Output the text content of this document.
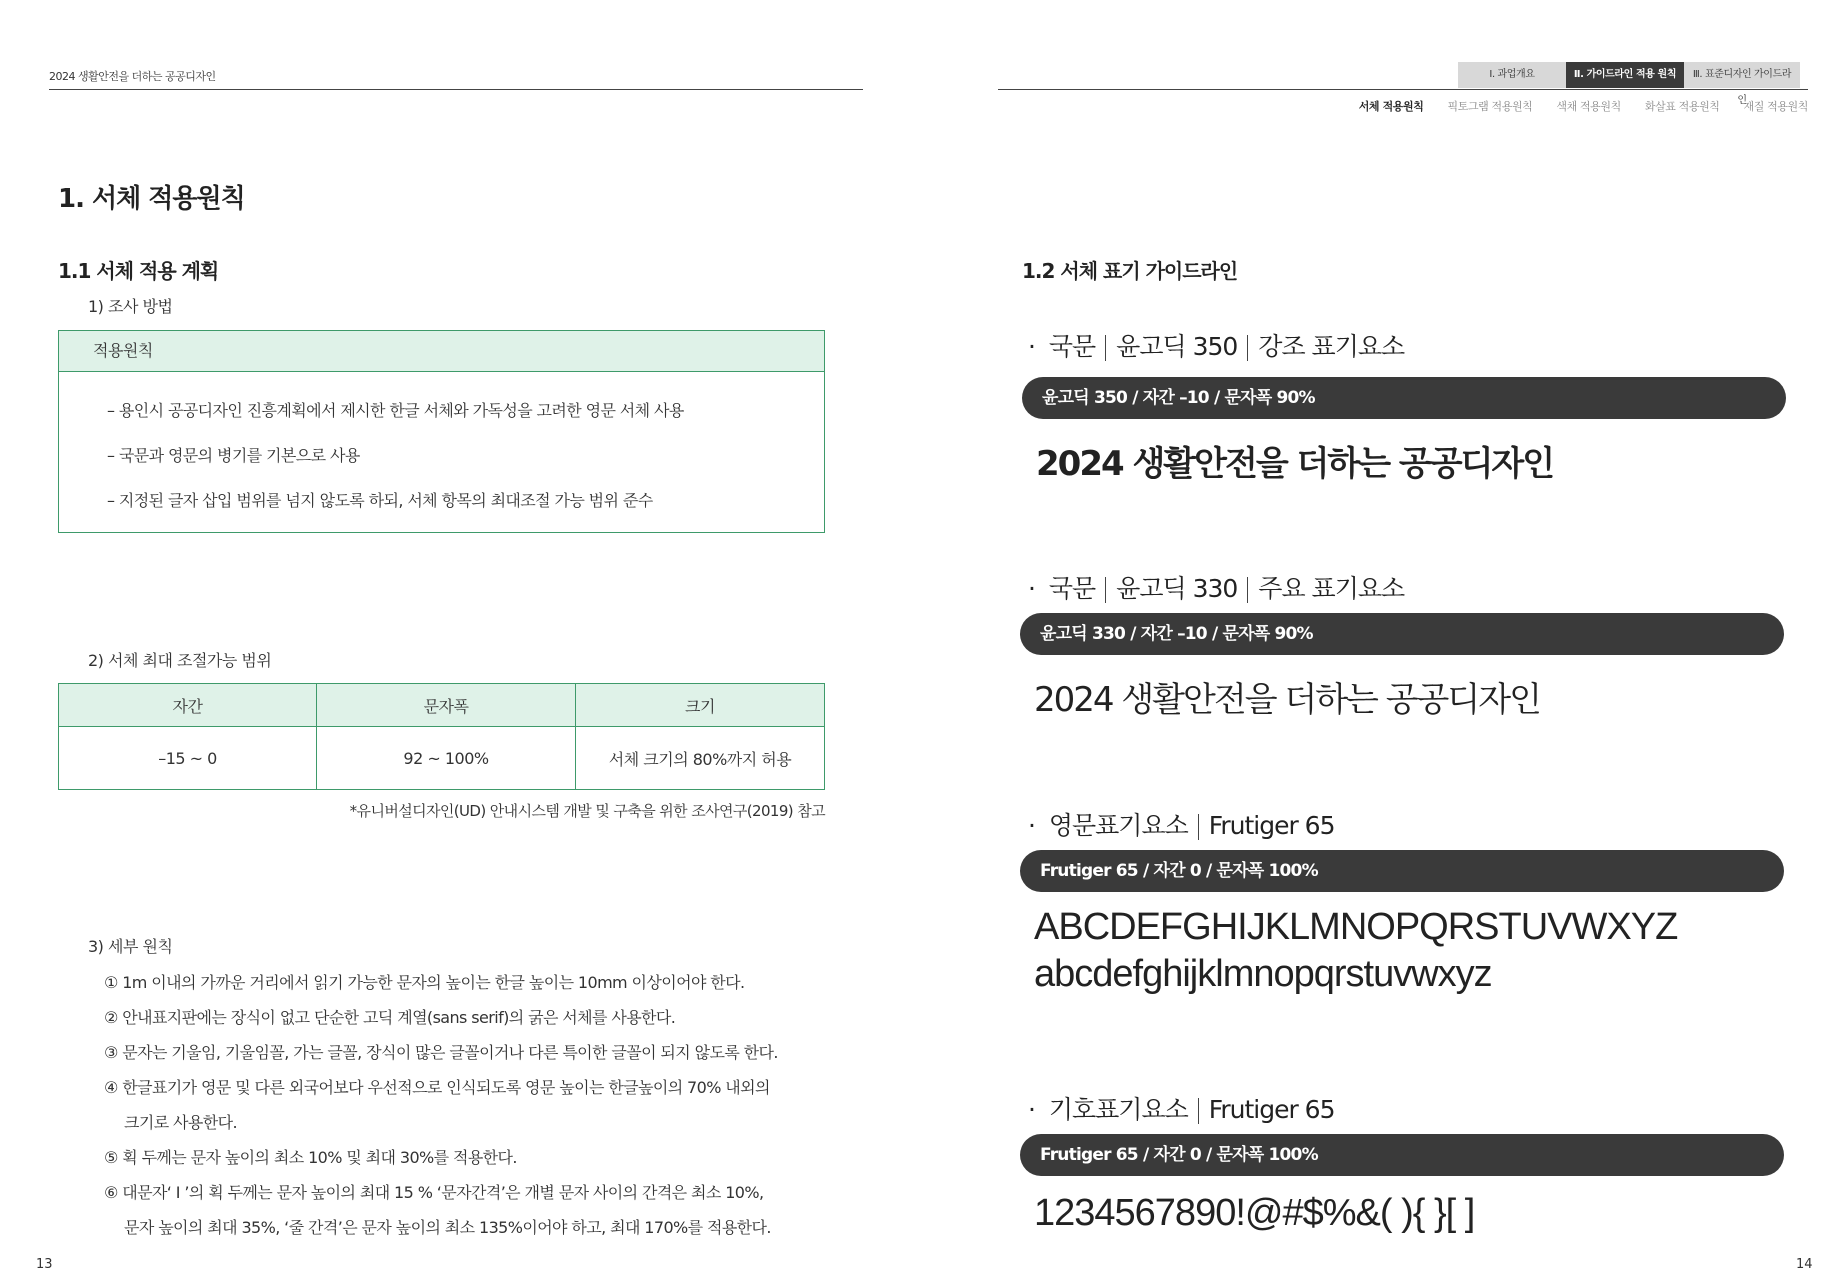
2024 생활안전을 더하는 공공디자인
1. 서체 적용원칙
1.1 서체 적용 계획
1) 조사 방법
적용원칙
– 용인시 공공디자인 진흥계획에서 제시한 한글 서체와 가독성을 고려한 영문 서체 사용
– 국문과 영문의 병기를 기본으로 사용
– 지정된 글자 삽입 범위를 넘지 않도록 하되, 서체 항목의 최대조절 가능 범위 준수
2) 서체 최대 조절가능 범위
자간	문자폭	크기
–15 ~ 0	92 ~ 100%	서체 크기의 80%까지 허용
*유니버설디자인(UD) 안내시스템 개발 및 구축을 위한 조사연구(2019) 참고
3) 세부 원칙
① 1m 이내의 가까운 거리에서 읽기 가능한 문자의 높이는 한글 높이는 10mm 이상이어야 한다.
② 안내표지판에는 장식이 없고 단순한 고딕 계열(sans serif)의 굵은 서체를 사용한다.
③ 문자는 기울임, 기울임꼴, 가는 글꼴, 장식이 많은 글꼴이거나 다른 특이한 글꼴이 되지 않도록 한다.
④ 한글표기가 영문 및 다른 외국어보다 우선적으로 인식되도록 영문 높이는 한글높이의 70% 내외의
크기로 사용한다.
⑤ 획 두께는 문자 높이의 최소 10% 및 최대 30%를 적용한다.
⑥ 대문자‘ I ’의 획 두께는 문자 높이의 최대 15 % ‘문자간격’은 개별 문자 사이의 간격은 최소 10%,
문자 높이의 최대 35%, ‘줄 간격’은 문자 높이의 최소 135%이어야 하고, 최대 170%를 적용한다.
13
Ⅰ. 과업개요	Ⅱ. 가이드라인 적용 원칙	Ⅲ. 표준디자인 가이드라인
서체 적용원칙 픽토그램 적용원칙 색채 적용원칙 화살표 적용원칙 재질 적용원칙
1.2 서체 표기 가이드라인
· 국문 윤고딕 350 강조 표기요소
윤고딕 350 / 자간 –10 / 문자폭 90%
2024 생활안전을 더하는 공공디자인
· 국문 윤고딕 330 주요 표기요소
윤고딕 330 / 자간 –10 / 문자폭 90%
2024 생활안전을 더하는 공공디자인
· 영문표기요소 Frutiger 65
Frutiger 65 / 자간 0 / 문자폭 100%
ABCDEFGHIJKLMNOPQRSTUVWXYZ
abcdefghijklmnopqrstuvwxyz
· 기호표기요소 Frutiger 65
Frutiger 65 / 자간 0 / 문자폭 100%
1234567890!@#$%&( ){ }[ ]
14
